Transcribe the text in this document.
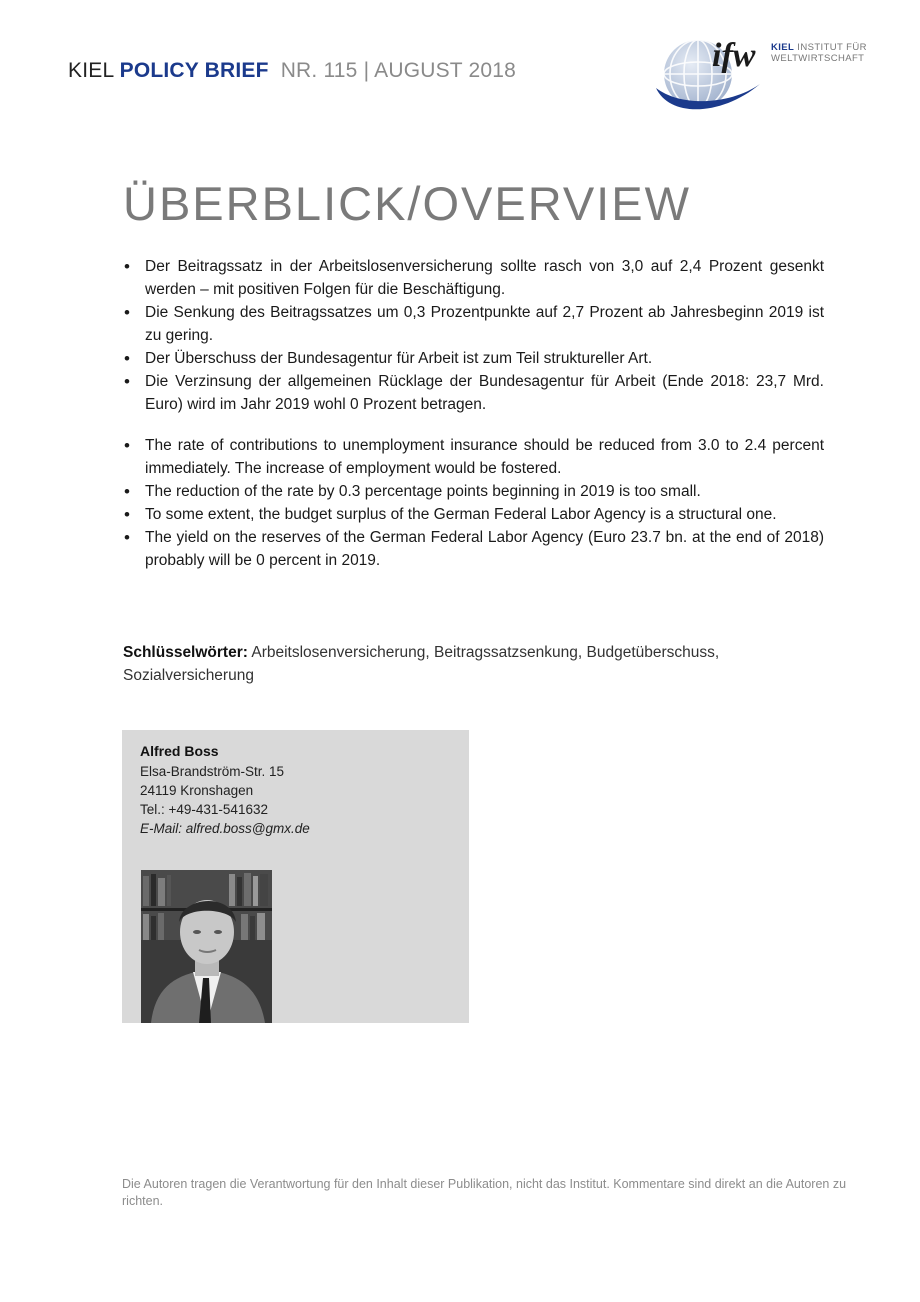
KIEL POLICY BRIEF NR. 115 | AUGUST 2018	ifw KIEL INSTITUT FÜR
WELTWIRTSCHAFT
ÜBERBLICK/OVERVIEW
• Der Beitragssatz in der Arbeitslosenversicherung sollte rasch von 3,0 auf 2,4 Prozent gesenkt werden – mit positiven Folgen für die Beschäftigung.
• Die Senkung des Beitragssatzes um 0,3 Prozentpunkte auf 2,7 Prozent ab Jahresbeginn 2019 ist zu gering.
• Der Überschuss der Bundesagentur für Arbeit ist zum Teil struktureller Art.
• Die Verzinsung der allgemeinen Rücklage der Bundesagentur für Arbeit (Ende 2018: 23,7 Mrd. Euro) wird im Jahr 2019 wohl 0 Prozent betragen.
• The rate of contributions to unemployment insurance should be reduced from 3.0 to 2.4 percent immediately. The increase of employment would be fostered.
• The reduction of the rate by 0.3 percentage points beginning in 2019 is too small.
• To some extent, the budget surplus of the German Federal Labor Agency is a structural one.
• The yield on the reserves of the German Federal Labor Agency (Euro 23.7 bn. at the end of 2018) probably will be 0 percent in 2019.
Schlüsselwörter: Arbeitslosenversicherung, Beitragssatzsenkung, Budgetüberschuss, Sozialversicherung
Alfred Boss
Elsa-Brandström-Str. 15
24119 Kronshagen
Tel.: +49-431-541632
E-Mail: alfred.boss@gmx.de
Die Autoren tragen die Verantwortung für den Inhalt dieser Publikation, nicht das Institut. Kommentare sind direkt an die Autoren zu richten.
